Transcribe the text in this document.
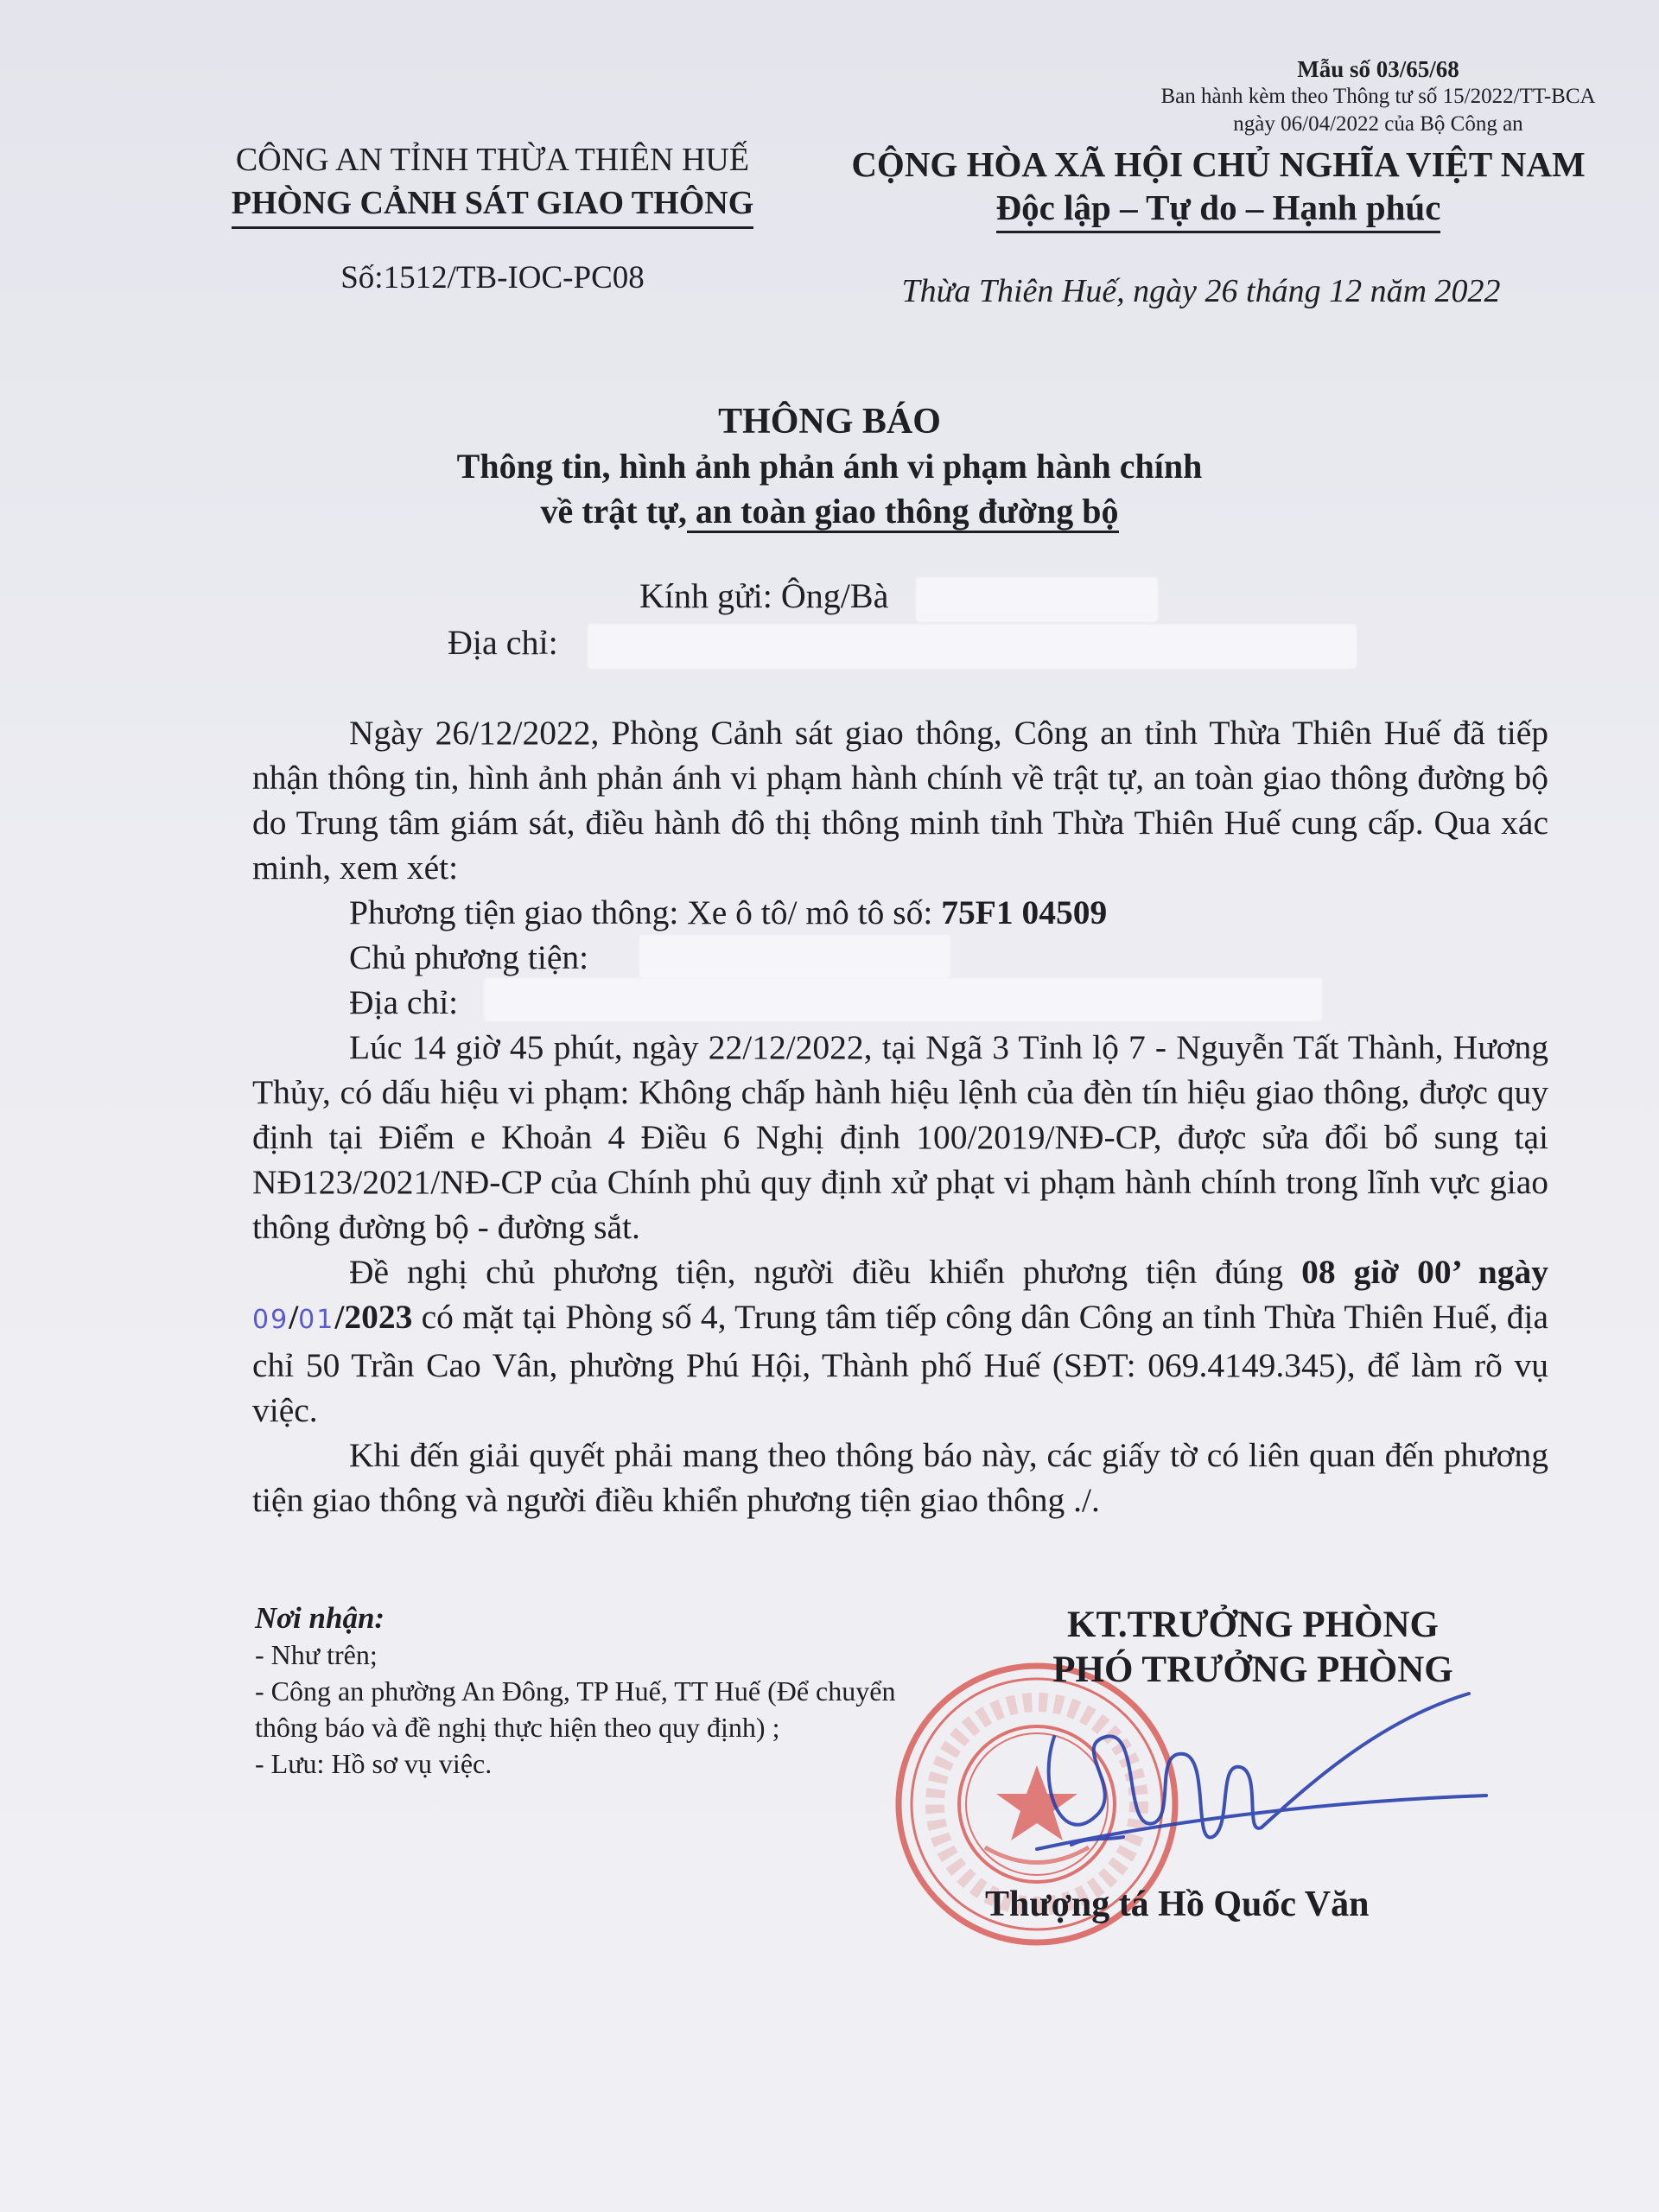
Mẫu số 03/65/68
Ban hành kèm theo Thông tư số 15/2022/TT-BCA
ngày 06/04/2022 của Bộ Công an
CÔNG AN TỈNH THỪA THIÊN HUẾ
PHÒNG CẢNH SÁT GIAO THÔNG
Số:1512/TB-IOC-PC08
CỘNG HÒA XÃ HỘI CHỦ NGHĨA VIỆT NAM
Độc lập – Tự do – Hạnh phúc
Thừa Thiên Huế, ngày 26 tháng 12 năm 2022
THÔNG BÁO
Thông tin, hình ảnh phản ánh vi phạm hành chính
về trật tự, an toàn giao thông đường bộ
Kính gửi: Ông/Bà
Địa chỉ:

Ngày 26/12/2022, Phòng Cảnh sát giao thông, Công an tỉnh Thừa Thiên Huế đã tiếp nhận thông tin, hình ảnh phản ánh vi phạm hành chính về trật tự, an toàn giao thông đường bộ do Trung tâm giám sát, điều hành đô thị thông minh tỉnh Thừa Thiên Huế cung cấp. Qua xác minh, xem xét:

Phương tiện giao thông: Xe ô tô/ mô tô số: 75F1 04509

Chủ phương tiện:

Địa chỉ:

Lúc 14 giờ 45 phút, ngày 22/12/2022, tại Ngã 3 Tỉnh lộ 7 - Nguyễn Tất Thành, Hương Thủy, có dấu hiệu vi phạm: Không chấp hành hiệu lệnh của đèn tín hiệu giao thông, được quy định tại Điểm e Khoản 4 Điều 6 Nghị định 100/2019/NĐ-CP, được sửa đổi bổ sung tại NĐ123/2021/NĐ-CP của Chính phủ quy định xử phạt vi phạm hành chính trong lĩnh vực giao thông đường bộ - đường sắt.

Đề nghị chủ phương tiện, người điều khiển phương tiện đúng 08 giờ 00’ ngày 09/01/2023 có mặt tại Phòng số 4, Trung tâm tiếp công dân Công an tỉnh Thừa Thiên Huế, địa chỉ 50 Trần Cao Vân, phường Phú Hội, Thành phố Huế (SĐT: 069.4149.345), để làm rõ vụ việc.

Khi đến giải quyết phải mang theo thông báo này, các giấy tờ có liên quan đến phương tiện giao thông và người điều khiển phương tiện giao thông ./.

Nơi nhận:
- Như trên;
- Công an phường An Đông, TP Huế, TT Huế (Để chuyển thông báo và đề nghị thực hiện theo quy định) ;
- Lưu: Hồ sơ vụ việc.
KT.TRƯỞNG PHÒNG
PHÓ TRƯỞNG PHÒNG
Thượng tá Hồ Quốc Văn
